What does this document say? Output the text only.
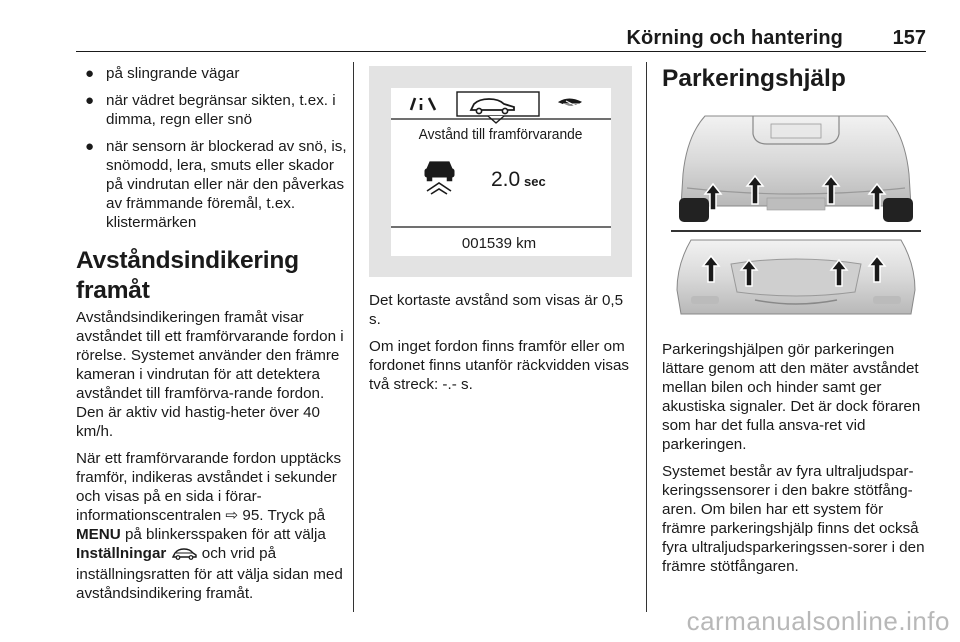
Körning och hantering	157
● på slingrande vägar
● när vädret begränsar sikten, t.ex. i dimma, regn eller snö
● när sensorn är blockerad av snö, is, snömodd, lera, smuts eller skador på vindrutan eller när den påverkas av främmande föremål, t.ex. klistermärken
Avståndsindikering framåt

Avståndsindikeringen framåt visar avståndet till ett framförvarande fordon i rörelse. Systemet använder den främre kameran i vindrutan för att detektera avståndet till framförva-rande fordon. Den är aktiv vid hastig-heter över 40 km/h.

När ett framförvarande fordon upptäcks framför, indikeras avståndet i sekunder och visas på en sida i förar-informationscentralen ⇨ 95. Tryck på
MENU på blinkersspaken för att välja
Inställningar  och vrid på inställningsratten för att välja sidan med avståndsindikering framåt.

Avstånd till framförvarande
2.0 sec
001539 km

Det kortaste avstånd som visas är 0,5 s.

Om inget fordon finns framför eller om fordonet finns utanför räckvidden visas två streck: -.- s.

Parkeringshjälp

Parkeringshjälpen gör parkeringen lättare genom att den mäter avståndet mellan bilen och hinder samt ger akustiska signaler. Det är dock föraren som har det fulla ansva-ret vid parkeringen.

Systemet består av fyra ultraljudspar-keringssensorer i den bakre stötfång-aren. Om bilen har ett system för främre parkeringshjälp finns det också fyra ultraljudsparkeringssen-sorer i den främre stötfångaren.

carmanualsonline.info
